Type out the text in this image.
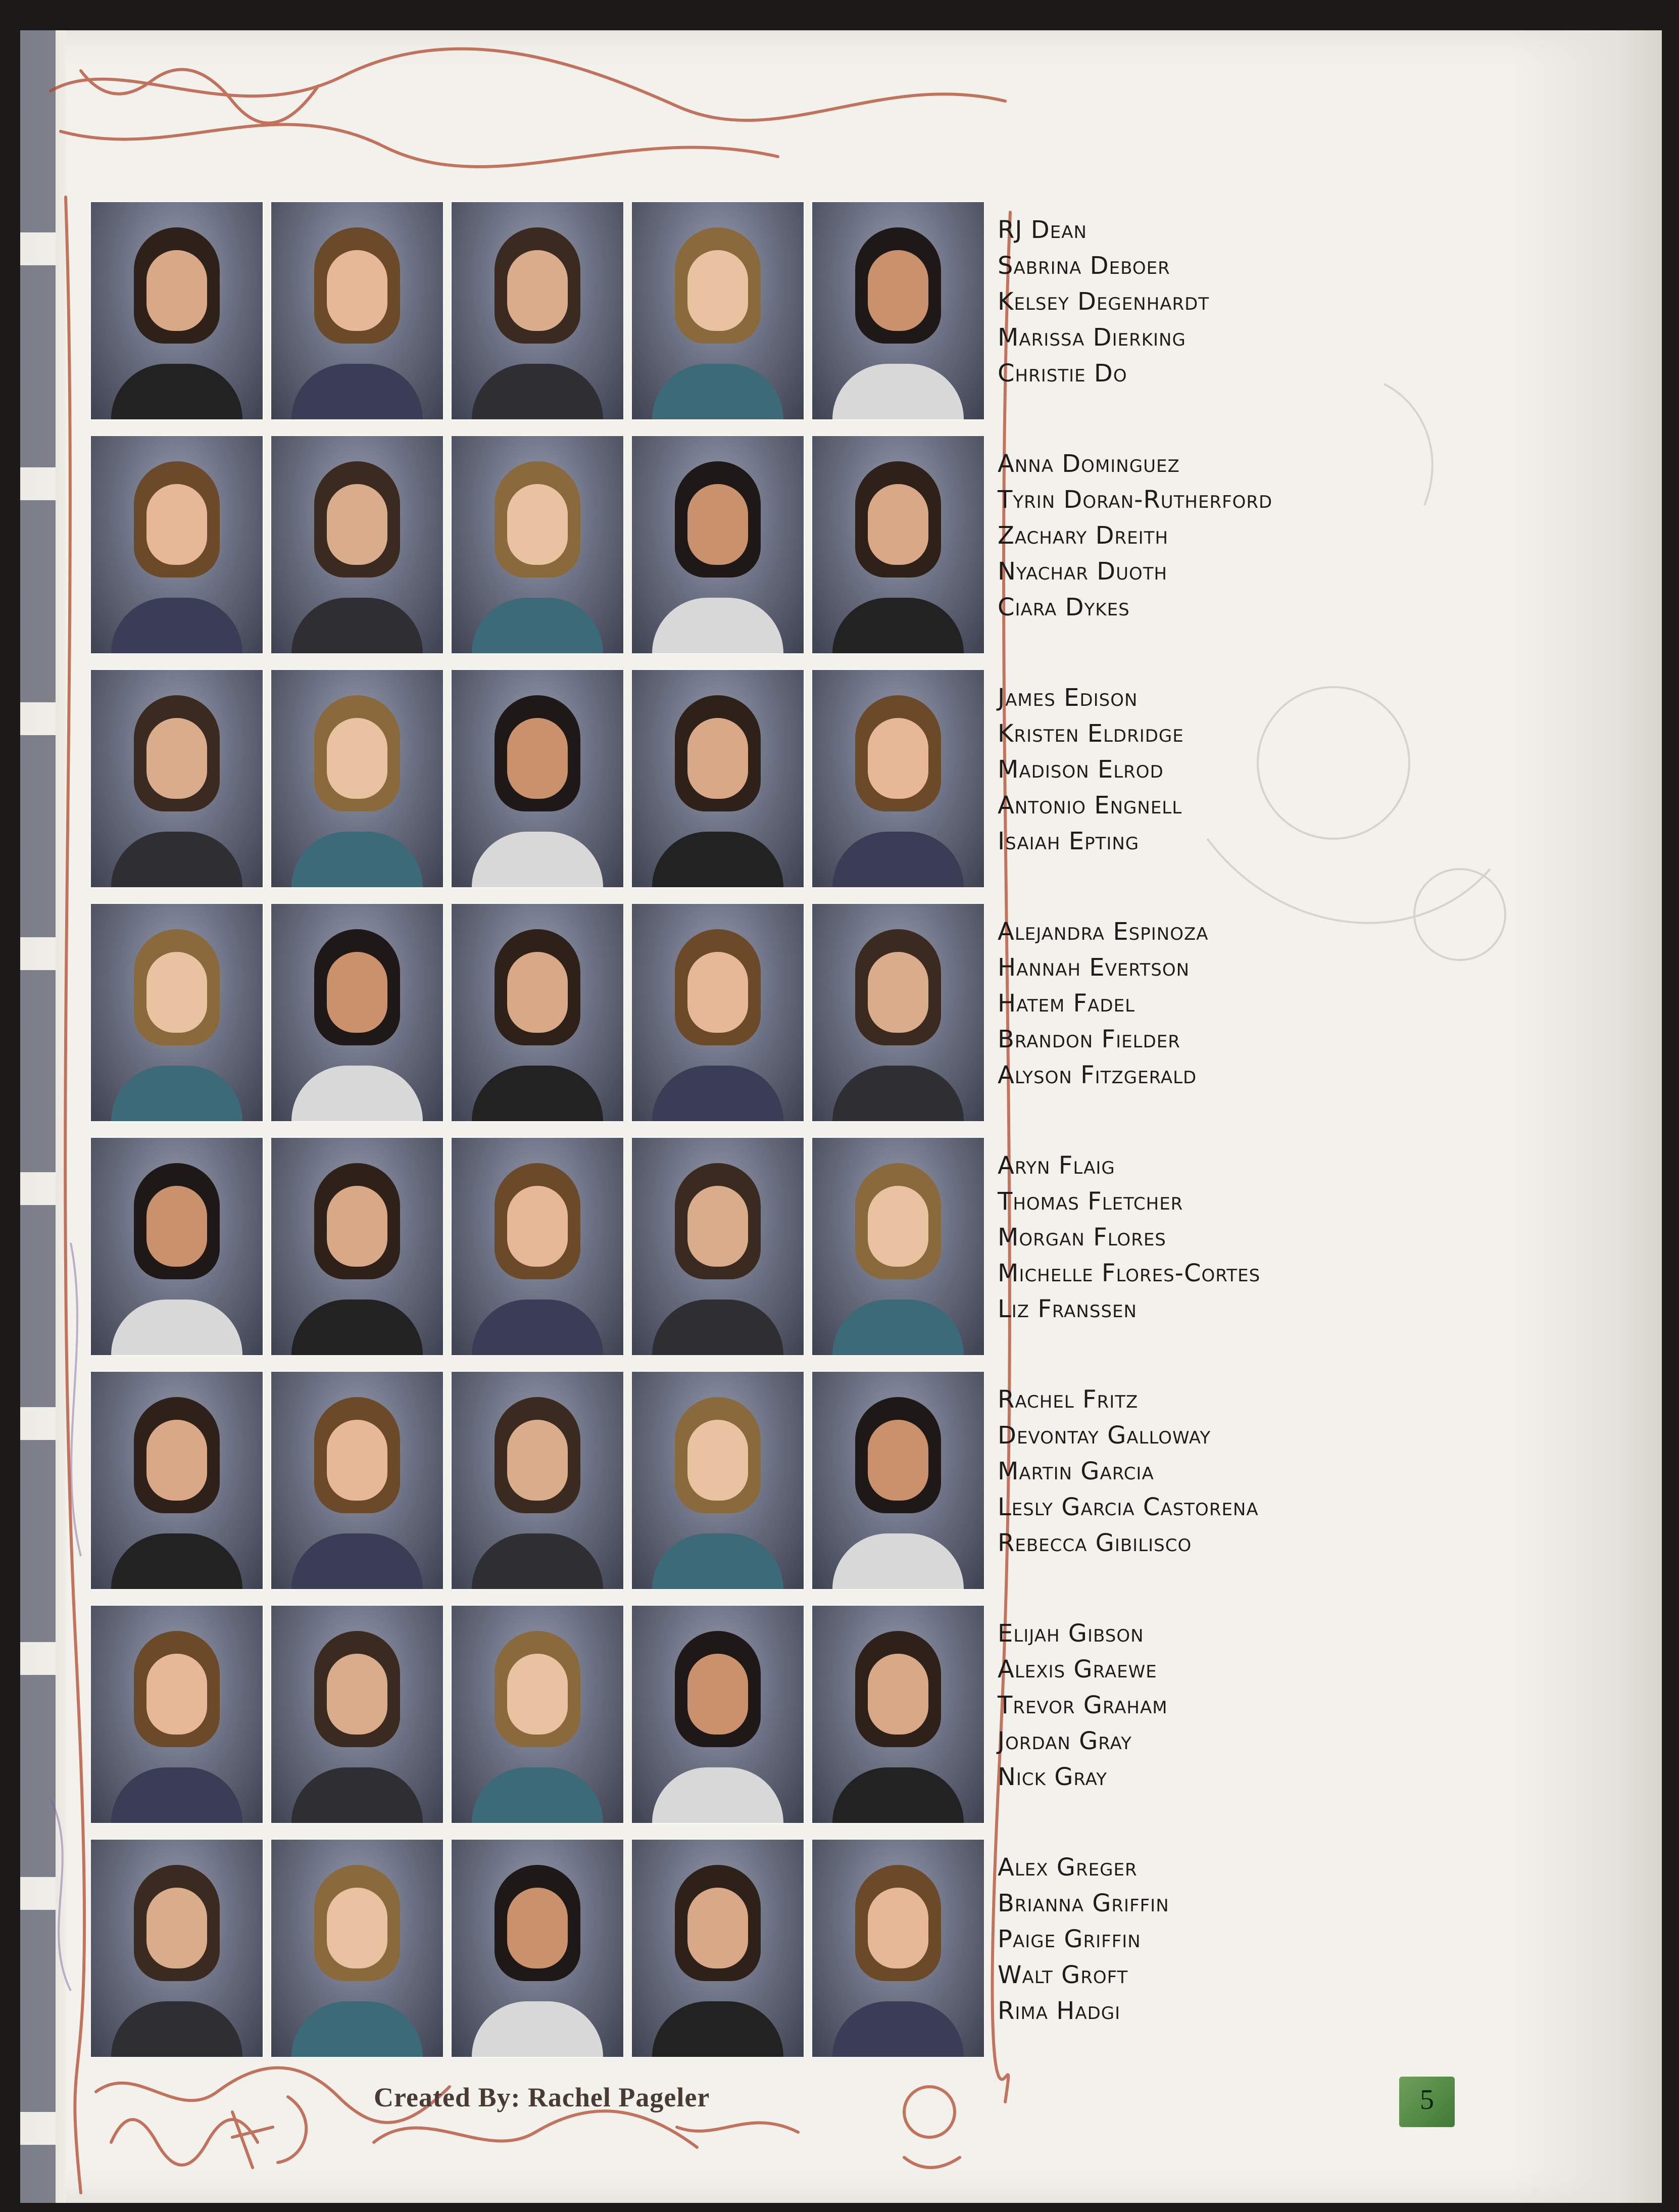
RJ Dean
Sabrina Deboer
Kelsey Degenhardt
Marissa Dierking
Christie Do
Anna Dominguez
Tyrin Doran-Rutherford
Zachary Dreith
Nyachar Duoth
Ciara Dykes
James Edison
Kristen Eldridge
Madison Elrod
Antonio Engnell
Isaiah Epting
Alejandra Espinoza
Hannah Evertson
Hatem Fadel
Brandon Fielder
Alyson Fitzgerald
Aryn Flaig
Thomas Fletcher
Morgan Flores
Michelle Flores-Cortes
Liz Franssen
Rachel Fritz
Devontay Galloway
Martin Garcia
Lesly Garcia Castorena
Rebecca Gibilisco
Elijah Gibson
Alexis Graewe
Trevor Graham
Jordan Gray
Nick Gray
Alex Greger
Brianna Griffin
Paige Griffin
Walt Groft
Rima Hadgi
Created By: Rachel Pageler	5
